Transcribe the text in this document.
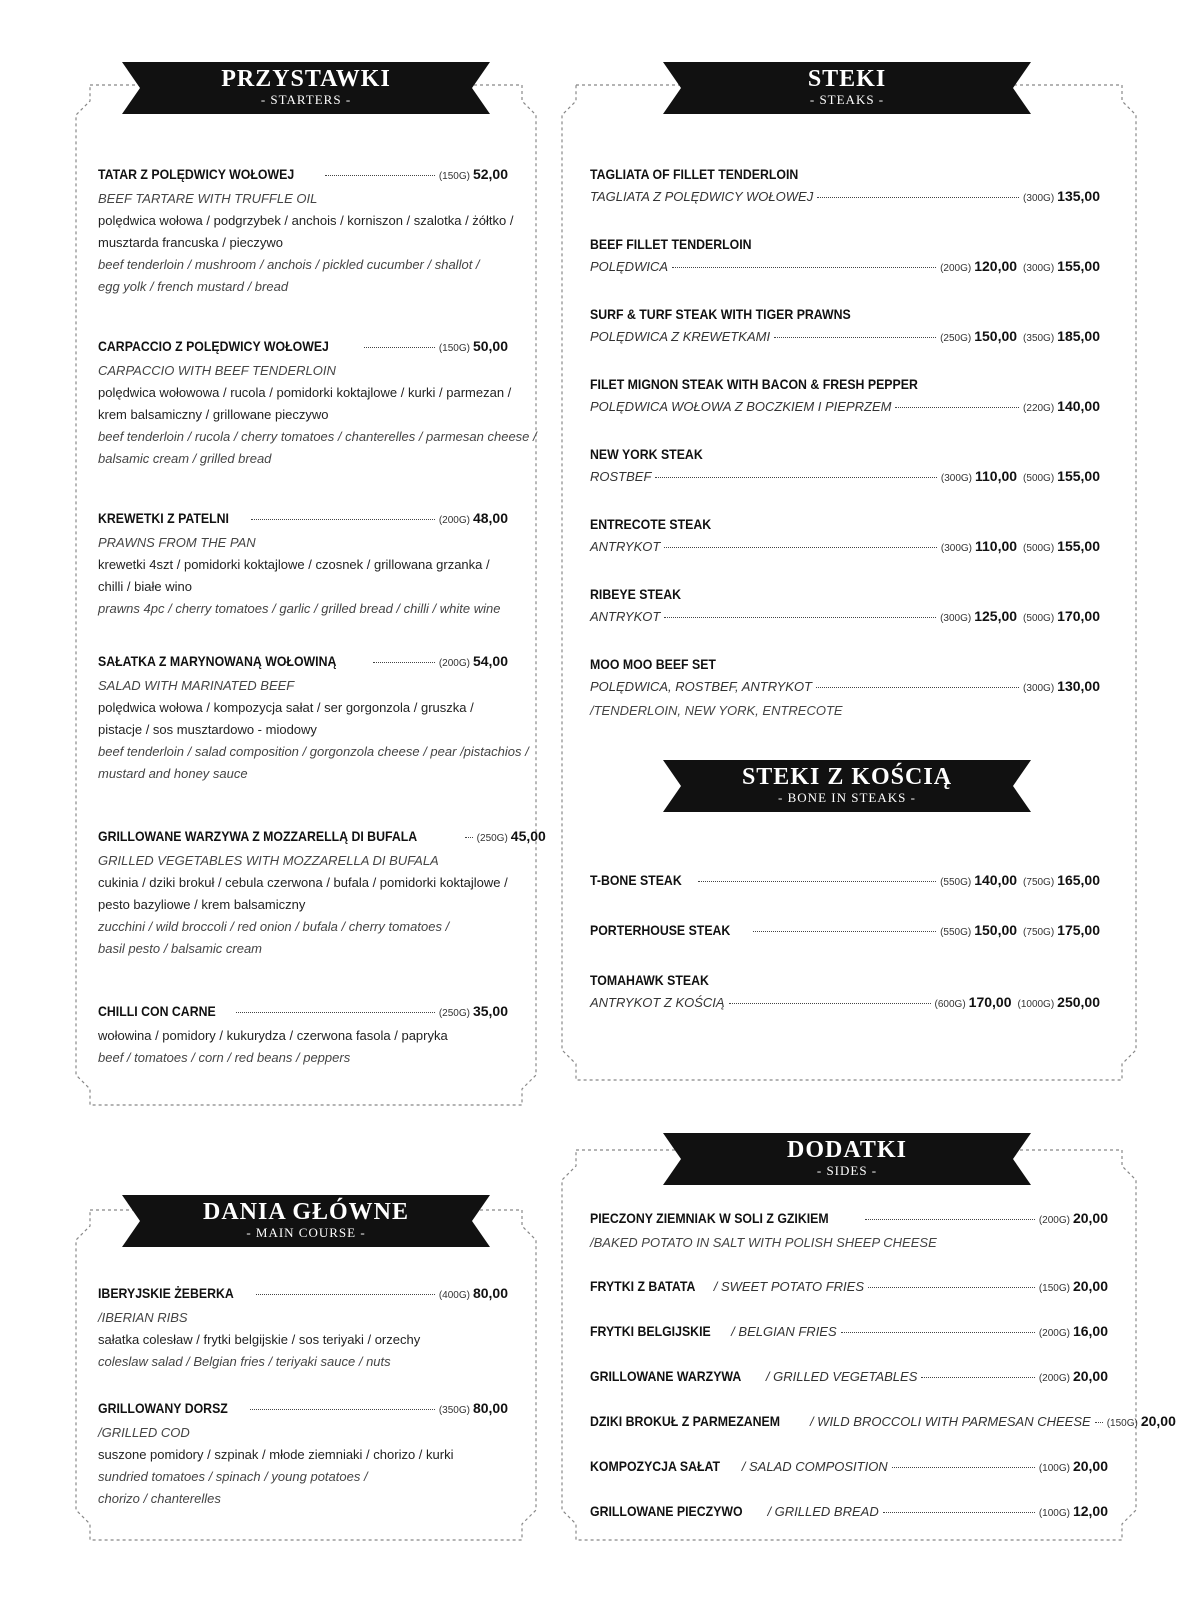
PRZYSTAWKI
- STARTERS -
STEKI
- STEAKS -
STEKI Z KOŚCIĄ
- BONE IN STEAKS -
DODATKI
- SIDES -
DANIA GŁÓWNE
- MAIN COURSE -
TATAR Z POLĘDWICY WOŁOWEJ	(150G) 52,00
BEEF TARTARE WITH TRUFFLE OIL
polędwica wołowa / podgrzybek / anchois / korniszon / szalotka / żółtko /
musztarda francuska / pieczywo
beef tenderloin / mushroom / anchois / pickled cucumber / shallot /
egg yolk / french mustard / bread
CARPACCIO Z POLĘDWICY WOŁOWEJ	(150G) 50,00
CARPACCIO WITH BEEF TENDERLOIN
polędwica wołowowa / rucola / pomidorki koktajlowe / kurki / parmezan /
krem balsamiczny / grillowane pieczywo
beef tenderloin / rucola / cherry tomatoes / chanterelles / parmesan cheese /
balsamic cream / grilled bread
KREWETKI Z PATELNI	(200G) 48,00
PRAWNS FROM THE PAN
krewetki 4szt / pomidorki koktajlowe / czosnek / grillowana grzanka /
chilli / białe wino
prawns 4pc / cherry tomatoes / garlic / grilled bread / chilli / white wine
SAŁATKA Z MARYNOWANĄ WOŁOWINĄ	(200G) 54,00
SALAD WITH MARINATED BEEF
polędwica wołowa / kompozycja sałat / ser gorgonzola / gruszka /
pistacje / sos musztardowo - miodowy
beef tenderloin / salad composition / gorgonzola cheese / pear /pistachios /
mustard and honey sauce
GRILLOWANE WARZYWA Z MOZZARELLĄ DI BUFALA	(250G) 45,00
GRILLED VEGETABLES WITH MOZZARELLA DI BUFALA
cukinia / dziki brokuł / cebula czerwona / bufala / pomidorki koktajlowe /
pesto bazyliowe / krem balsamiczny
zucchini / wild broccoli / red onion / bufala / cherry tomatoes /
basil pesto / balsamic cream
CHILLI CON CARNE	(250G) 35,00
wołowina / pomidory / kukurydza / czerwona fasola / papryka
beef / tomatoes / corn / red beans / peppers
TAGLIATA OF FILLET TENDERLOIN
TAGLIATA Z POLĘDWICY WOŁOWEJ	(300G) 135,00
BEEF FILLET TENDERLOIN
POLĘDWICA	(200G) 120,00 (300G) 155,00
SURF & TURF STEAK WITH TIGER PRAWNS
POLĘDWICA Z KREWETKAMI	(250G) 150,00 (350G) 185,00
FILET MIGNON STEAK WITH BACON & FRESH PEPPER
POLĘDWICA WOŁOWA Z BOCZKIEM I PIEPRZEM	(220G) 140,00
NEW YORK STEAK
ROSTBEF	(300G) 110,00 (500G) 155,00
ENTRECOTE STEAK
ANTRYKOT	(300G) 110,00 (500G) 155,00
RIBEYE STEAK
ANTRYKOT	(300G) 125,00 (500G) 170,00
MOO MOO BEEF SET
POLĘDWICA, ROSTBEF, ANTRYKOT	(300G) 130,00
/TENDERLOIN, NEW YORK, ENTRECOTE
T-BONE STEAK	(550G) 140,00 (750G) 165,00
PORTERHOUSE STEAK	(550G) 150,00 (750G) 175,00
TOMAHAWK STEAK
ANTRYKOT Z KOŚCIĄ	(600G) 170,00 (1000G) 250,00
IBERYJSKIE ŻEBERKA	(400G) 80,00
/IBERIAN RIBS
sałatka colesław / frytki belgijskie / sos teriyaki / orzechy
coleslaw salad / Belgian fries / teriyaki sauce / nuts
GRILLOWANY DORSZ	(350G) 80,00
/GRILLED COD
suszone pomidory / szpinak / młode ziemniaki / chorizo / kurki
sundried tomatoes / spinach / young potatoes /
chorizo / chanterelles
PIECZONY ZIEMNIAK W SOLI Z GZIKIEM	(200G) 20,00
/BAKED POTATO IN SALT WITH POLISH SHEEP CHEESE
FRYTKI Z BATATA / SWEET POTATO FRIES	(150G) 20,00
FRYTKI BELGIJSKIE / BELGIAN FRIES	(200G) 16,00
GRILLOWANE WARZYWA / GRILLED VEGETABLES	(200G) 20,00
DZIKI BROKUŁ Z PARMEZANEM / WILD BROCCOLI WITH PARMESAN CHEESE (150G) 20,00
KOMPOZYCJA SAŁAT / SALAD COMPOSITION	(100G) 20,00
GRILLOWANE PIECZYWO / GRILLED BREAD	(100G) 12,00
